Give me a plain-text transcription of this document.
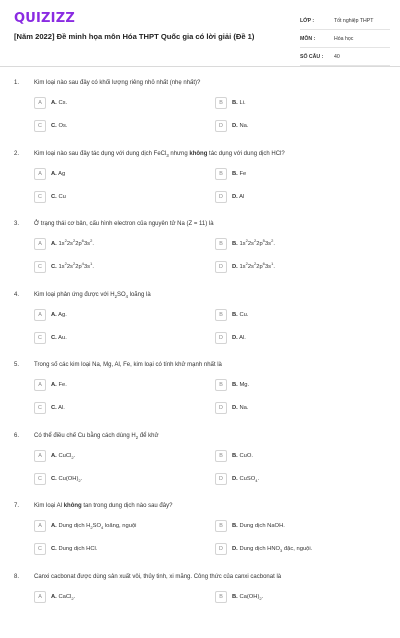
QUIZIZZ
[Năm 2022] Đề minh họa môn Hóa THPT Quốc gia có lời giải (Đề 1)
LỚP :	Tốt nghiệp THPT
MÔN :	Hóa học
SỐ CÂU :	40
1. Kim loại nào sau đây có khối lượng riêng nhỏ nhất (nhẹ nhất)?
A	A. Cs.	B	B. Li.
C	C. Os.	D	D. Na.
2. Kim loại nào sau đây tác dụng với dung dịch FeCl$_3$ nhưng không tác dụng với dung dịch HCl?
A	A. Ag	B	B. Fe
C	C. Cu	D	D. Al
3. Ở trạng thái cơ bản, cấu hình electron của nguyên tử Na (Z = 11) là
A	A. $1s^22s^22p^63s^2$.	B	B. $1s^22s^22p^53s^2$.
C	C. $1s^22s^22p^43s^1$.	D	D. $1s^22s^22p^63s^1$.
4. Kim loại phản ứng được với $H_2SO_4$ loãng là
A	A. Ag.	B	B. Cu.
C	C. Au.	D	D. Al.
5. Trong số các kim loại Na, Mg, Al, Fe, kim loại có tính khử mạnh nhất là
A	A. Fe.	B	B. Mg.
C	C. Al.	D	D. Na.
6. Có thể điều chế Cu bằng cách dùng $H_2$ để khử
A	A. CuCl$_2$.	B	B. CuO.
C	C. $Cu(OH)_2$.	D	D. CuSO$_4$.
7. Kim loại Al không tan trong dung dịch nào sau đây?
A	A. Dung dịch $H_2SO_4$ loãng, nguội	B	B. Dung dịch NaOH.
C	C. Dung dịch HCl.	D	D. Dung dịch $HNO_3$ đặc, nguội.
8. Canxi cacbonat được dùng sản xuất vôi, thủy tinh, xi măng. Công thức của canxi cacbonat là
A	A. CaCl$_2$.	B	B. $Ca(OH)_2$.
